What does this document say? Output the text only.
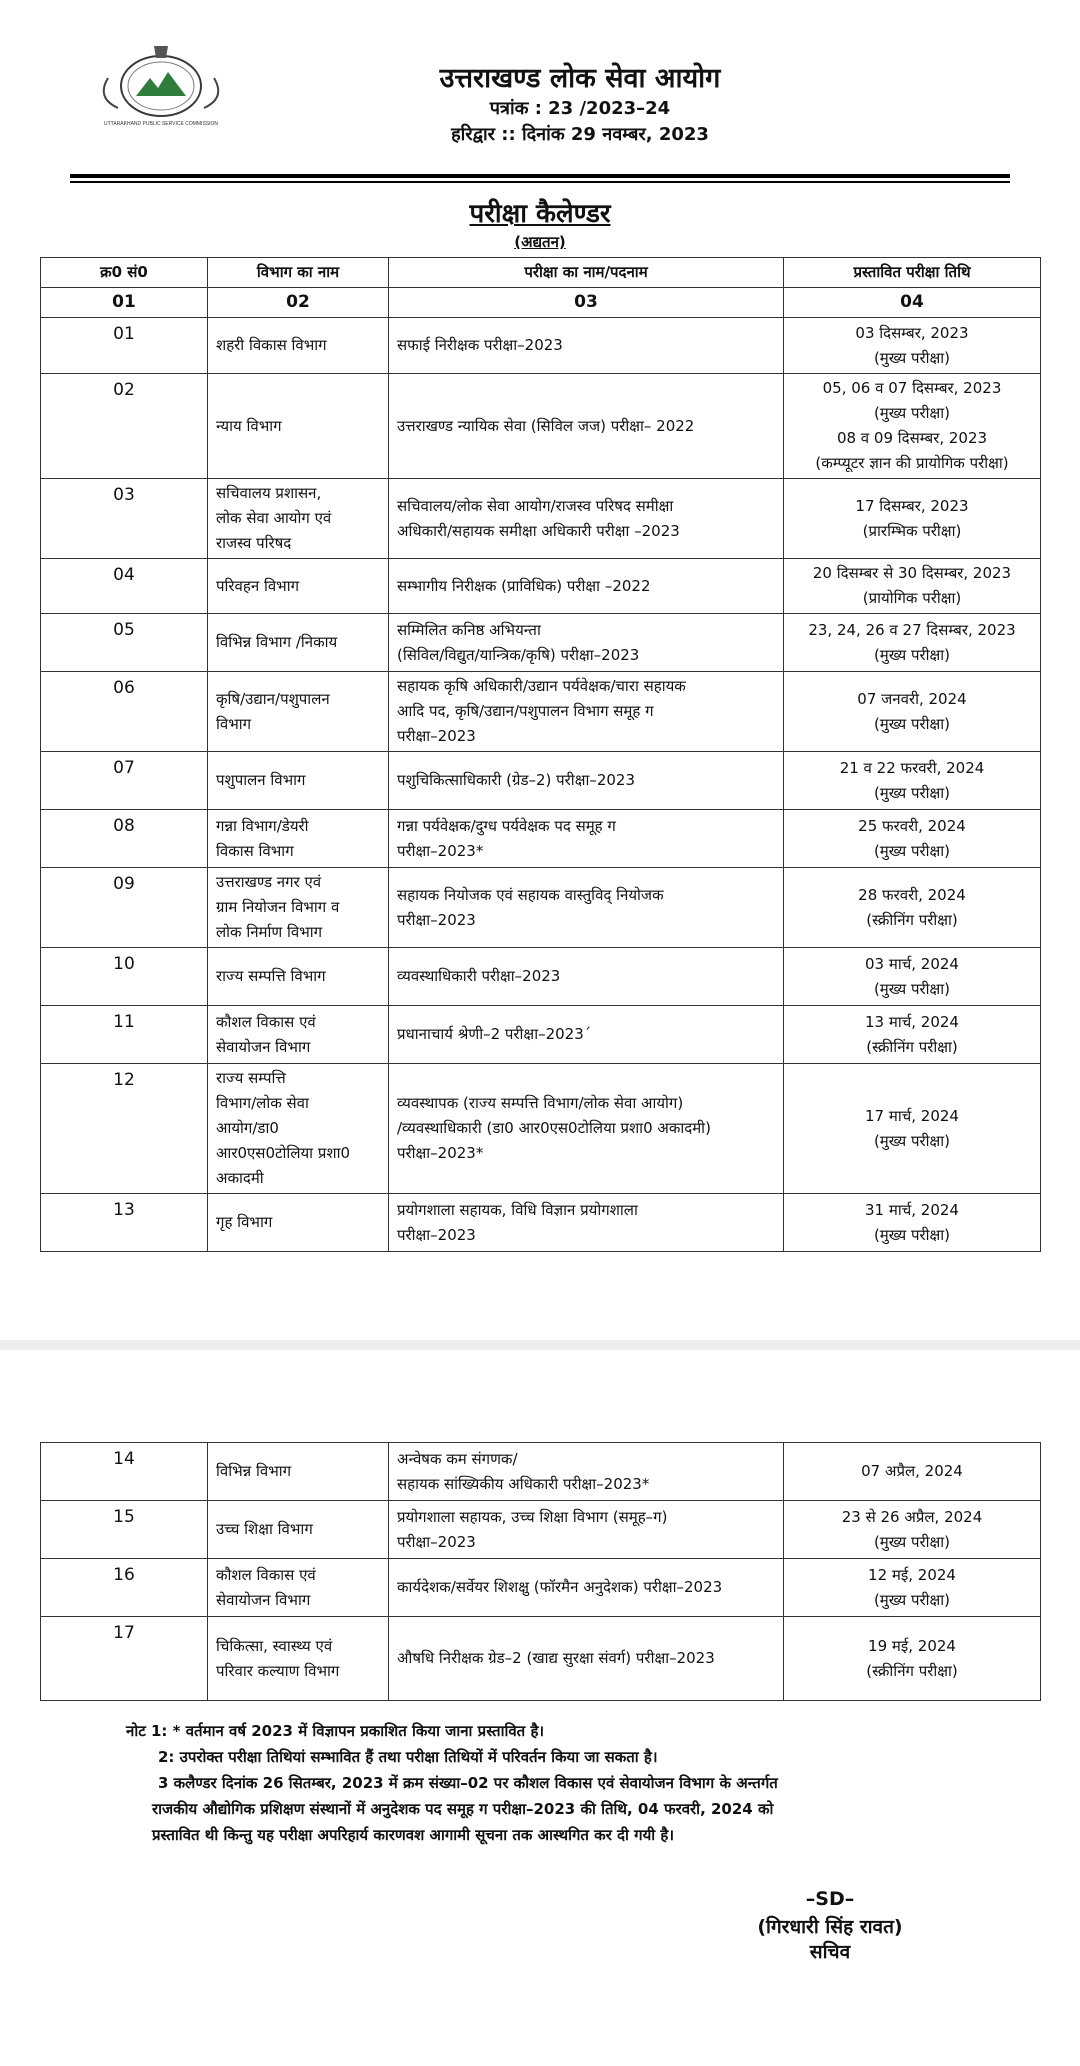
UTTARAKHAND PUBLIC SERVICE COMMISSION
उत्तराखण्ड लोक सेवा आयोग
पत्रांक : 23 /2023–24
हरिद्वार :: दिनांक 29 नवम्बर, 2023
परीक्षा कैलेण्डर
(अद्यतन)
क्र0 सं0	विभाग का नाम	परीक्षा का नाम/पदनाम	प्रस्तावित परीक्षा तिथि
01	02	03	04
01	शहरी विकास विभाग	सफाई निरीक्षक परीक्षा–2023	03 दिसम्बर, 2023
(मुख्य परीक्षा)
02	न्याय विभाग	उत्तराखण्ड न्यायिक सेवा (सिविल जज) परीक्षा– 2022	05, 06 व 07 दिसम्बर, 2023
(मुख्य परीक्षा)
08 व 09 दिसम्बर, 2023
(कम्प्यूटर ज्ञान की प्रायोगिक परीक्षा)
03	सचिवालय प्रशासन,
लोक सेवा आयोग एवं
राजस्व परिषद	सचिवालय/लोक सेवा आयोग/राजस्व परिषद समीक्षा
अधिकारी/सहायक समीक्षा अधिकारी परीक्षा –2023	17 दिसम्बर, 2023
(प्रारम्भिक परीक्षा)
04	परिवहन विभाग	सम्भागीय निरीक्षक (प्राविधिक) परीक्षा –2022	20 दिसम्बर से 30 दिसम्बर, 2023
(प्रायोगिक परीक्षा)
05	विभिन्न विभाग /निकाय	सम्मिलित कनिष्ठ अभियन्ता
(सिविल/विद्युत/यान्त्रिक/कृषि) परीक्षा–2023	23, 24, 26 व 27 दिसम्बर, 2023
(मुख्य परीक्षा)
06	कृषि/उद्यान/पशुपालन
विभाग	सहायक कृषि अधिकारी/उद्यान पर्यवेक्षक/चारा सहायक
आदि पद, कृषि/उद्यान/पशुपालन विभाग समूह ग
परीक्षा–2023	07 जनवरी, 2024
(मुख्य परीक्षा)
07	पशुपालन विभाग	पशुचिकित्साधिकारी (ग्रेड–2) परीक्षा–2023	21 व 22 फरवरी, 2024
(मुख्य परीक्षा)
08	गन्ना विभाग/डेयरी
विकास विभाग	गन्ना पर्यवेक्षक/दुग्ध पर्यवेक्षक पद समूह ग
परीक्षा–2023*	25 फरवरी, 2024
(मुख्य परीक्षा)
09	उत्तराखण्ड नगर एवं
ग्राम नियोजन विभाग व
लोक निर्माण विभाग	सहायक नियोजक एवं सहायक वास्तुविद् नियोजक
परीक्षा–2023	28 फरवरी, 2024
(स्क्रीनिंग परीक्षा)
10	राज्य सम्पत्ति विभाग	व्यवस्थाधिकारी परीक्षा–2023	03 मार्च, 2024
(मुख्य परीक्षा)
11	कौशल विकास एवं
सेवायोजन विभाग	प्रधानाचार्य श्रेणी–2 परीक्षा–2023´	13 मार्च, 2024
(स्क्रीनिंग परीक्षा)
12	राज्य सम्पत्ति
विभाग/लोक सेवा
आयोग/डा0
आर0एस0टोलिया प्रशा0
अकादमी	व्यवस्थापक (राज्य सम्पत्ति विभाग/लोक सेवा आयोग)
/व्यवस्थाधिकारी (डा0 आर0एस0टोलिया प्रशा0 अकादमी)
परीक्षा–2023*	17 मार्च, 2024
(मुख्य परीक्षा)
13	गृह विभाग	प्रयोगशाला सहायक, विधि विज्ञान प्रयोगशाला
परीक्षा–2023	31 मार्च, 2024
(मुख्य परीक्षा)
14	विभिन्न विभाग	अन्वेषक कम संगणक/
सहायक सांख्यिकीय अधिकारी परीक्षा–2023*	07 अप्रैल, 2024
15	उच्च शिक्षा विभाग	प्रयोगशाला सहायक, उच्च शिक्षा विभाग (समूह–ग)
परीक्षा–2023	23 से 26 अप्रैल, 2024
(मुख्य परीक्षा)
16	कौशल विकास एवं
सेवायोजन विभाग	कार्यदेशक/सर्वेयर शिशक्षु (फॉरमैन अनुदेशक) परीक्षा–2023	12 मई, 2024
(मुख्य परीक्षा)
17	चिकित्सा, स्वास्थ्य एवं
परिवार कल्याण विभाग	औषधि निरीक्षक ग्रेड–2 (खाद्य सुरक्षा संवर्ग) परीक्षा–2023	19 मई, 2024
(स्क्रीनिंग परीक्षा)

नोट 1: * वर्तमान वर्ष 2023 में विज्ञापन प्रकाशित किया जाना प्रस्तावित है।

2: उपरोक्त परीक्षा तिथियां सम्भावित हैं तथा परीक्षा तिथियों में परिवर्तन किया जा सकता है।

3 कलैण्डर दिनांक 26 सितम्बर, 2023 में क्रम संख्या–02 पर कौशल विकास एवं सेवायोजन विभाग के अन्तर्गत

राजकीय औद्योगिक प्रशिक्षण संस्थानों में अनुदेशक पद समूह ग परीक्षा–2023 की तिथि, 04 फरवरी, 2024 को

प्रस्तावित थी किन्तु यह परीक्षा अपरिहार्य कारणवश आगामी सूचना तक आस्थगित कर दी गयी है।

–SD–
(गिरधारी सिंह रावत)
सचिव
